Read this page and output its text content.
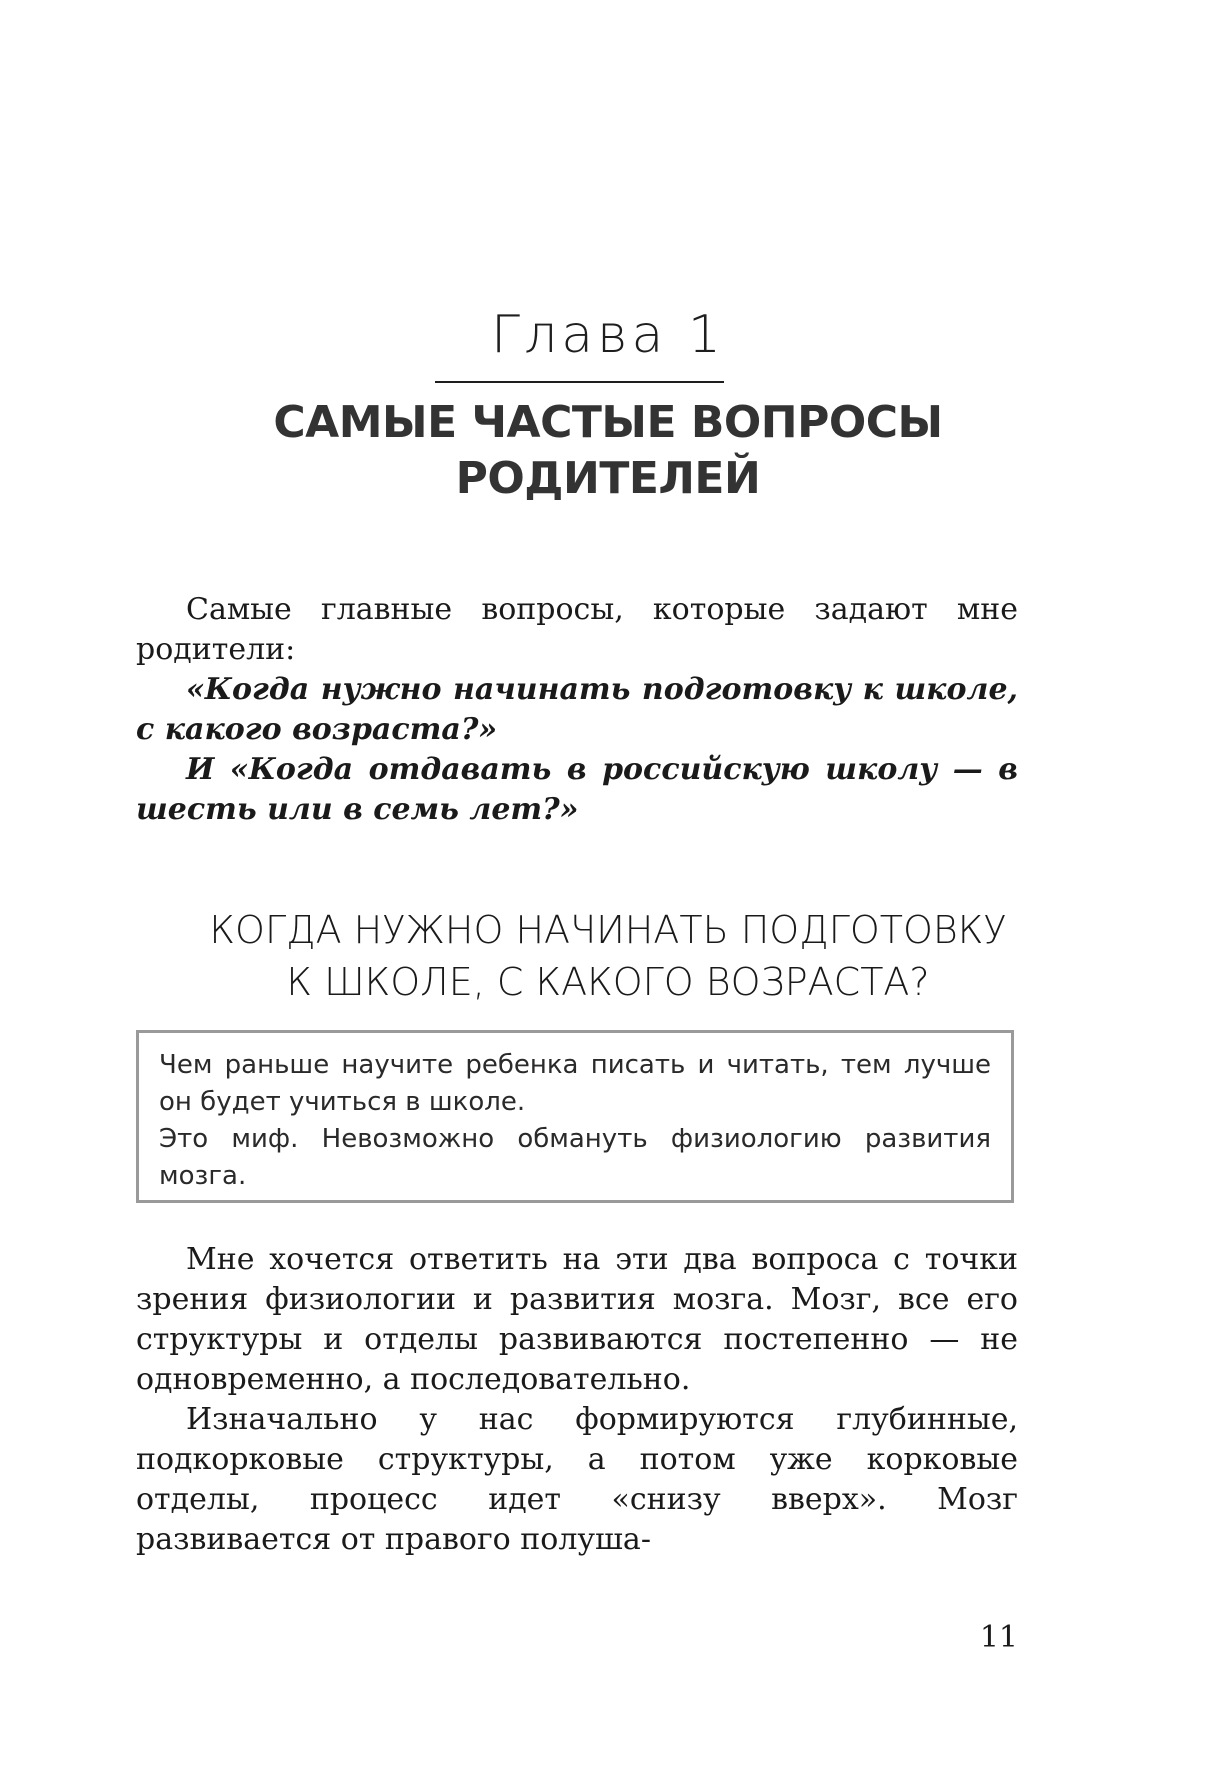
Глава 1
САМЫЕ ЧАСТЫЕ ВОПРОСЫ
РОДИТЕЛЕЙ

Самые главные вопросы, которые задают мне родители:

«Когда нужно начинать подготовку к школе, с какого возраста?»

И «Когда отдавать в российскую школу — в шесть или в семь лет?»

КОГДА НУЖНО НАЧИНАТЬ ПОДГОТОВКУ
К ШКОЛЕ, С КАКОГО ВОЗРАСТА?

Чем раньше научите ребенка писать и читать, тем лучше он будет учиться в школе.

Это миф. Невозможно обмануть физиологию развития мозга.

Мне хочется ответить на эти два вопроса с точки зрения физиологии и развития мозга. Мозг, все его структуры и отделы развиваются постепенно — не одновременно, а последовательно.

Изначально у нас формируются глубинные, подкорковые структуры, а потом уже корковые отделы, процесс идет «снизу вверх». Мозг развивается от правого полуша-

11
